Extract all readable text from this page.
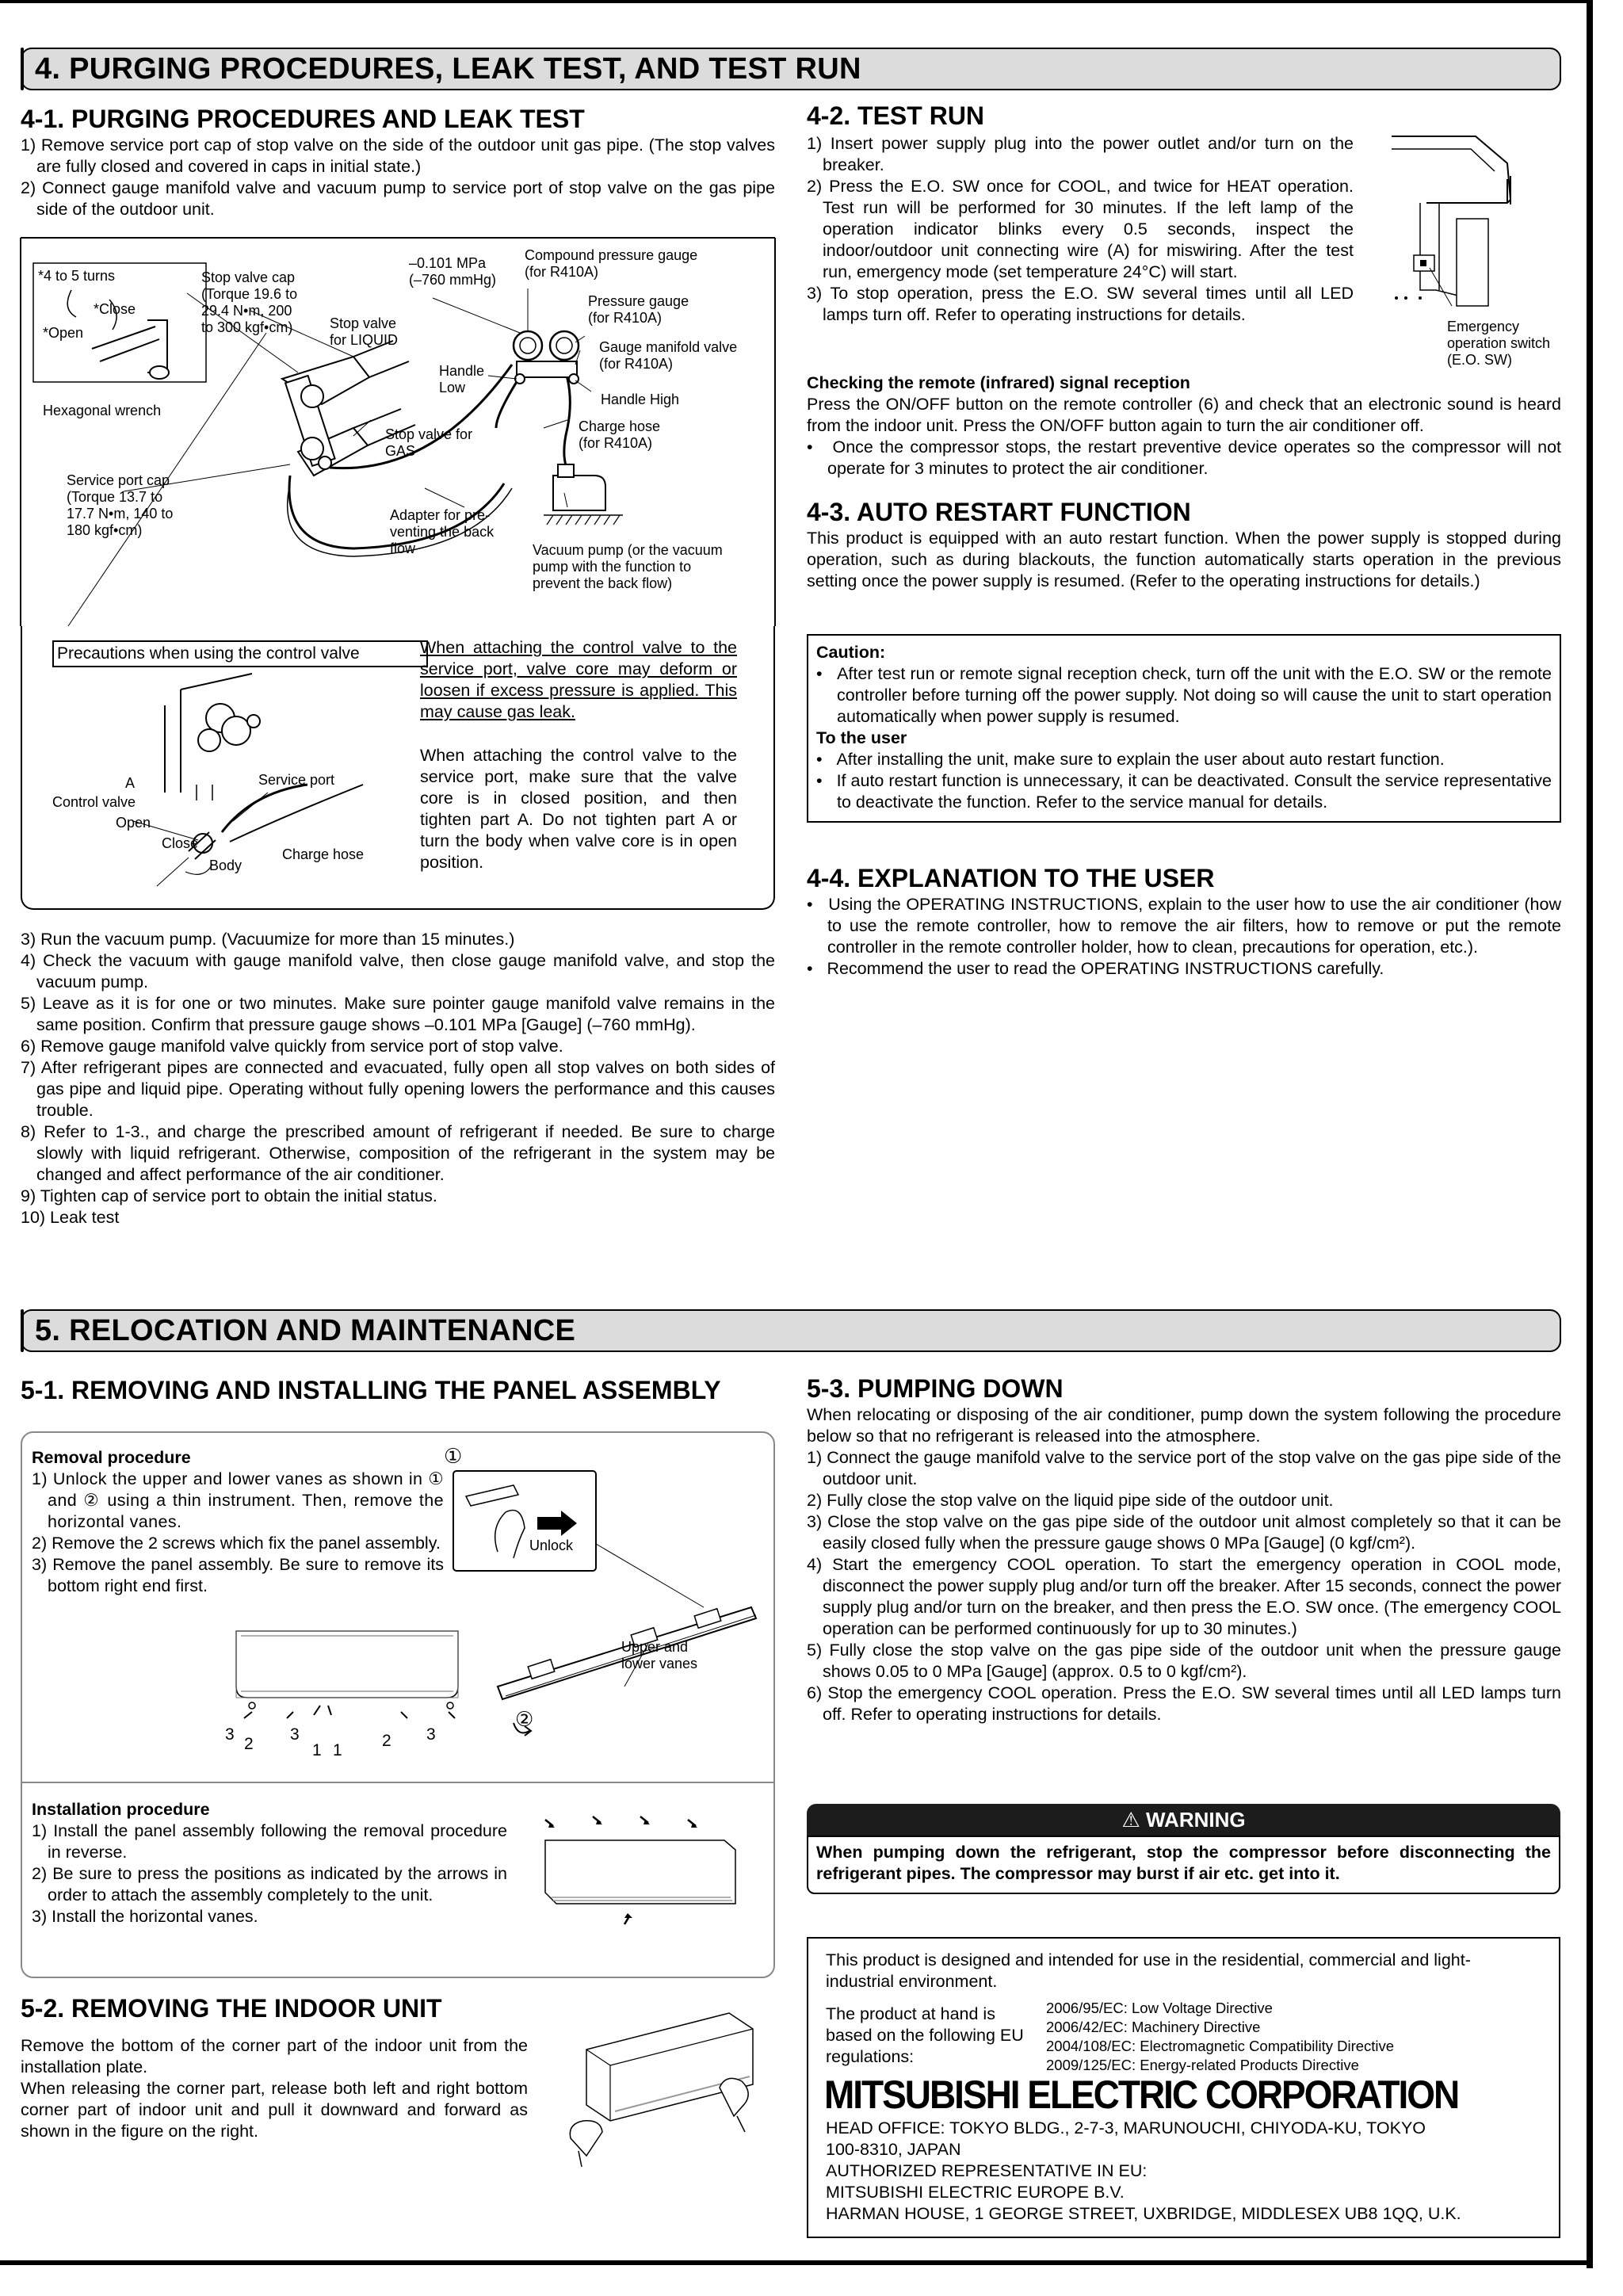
4. PURGING PROCEDURES, LEAK TEST, AND TEST RUN
4-1. PURGING PROCEDURES AND LEAK TEST

1) Remove service port cap of stop valve on the side of the outdoor unit gas pipe. (The stop valves are fully closed and covered in caps in initial state.)

2) Connect gauge manifold valve and vacuum pump to service port of stop valve on the gas pipe side of the outdoor unit.

*4 to 5 turns
*Close
*Open
Hexagonal wrench
Stop valve cap
(Torque 19.6 to
29.4 N•m, 200
to 300 kgf•cm)	Stop valve
for LIQUID
–0.101 MPa
(–760 mmHg)
Compound pressure gauge
(for R410A)
Pressure gauge
(for R410A)
Gauge manifold valve
(for R410A)
Handle
Low
Handle High
Stop valve for
GAS
Charge hose
(for R410A)
Service port cap
(Torque 13.7 to
17.7 N•m, 140 to
180 kgf•cm)
Adapter for pre-
venting the back
flow	Vacuum pump (or the vacuum
pump with the function to
prevent the back flow)
Precautions when using the control valve	When attaching the control valve to the service port, valve core may deform or loosen if excess pressure is applied. This may cause gas leak.
When attaching the control valve to the service port, make sure that the valve core is in closed position, and then tighten part A. Do not tighten part A or turn the body when valve core is in open position.
A
Control valve
Open
Close
Body
Service port
Charge hose

3) Run the vacuum pump. (Vacuumize for more than 15 minutes.)

4) Check the vacuum with gauge manifold valve, then close gauge manifold valve, and stop the vacuum pump.

5) Leave as it is for one or two minutes. Make sure pointer gauge manifold valve remains in the same position. Confirm that pressure gauge shows –0.101 MPa [Gauge] (–760 mmHg).

6) Remove gauge manifold valve quickly from service port of stop valve.

7) After refrigerant pipes are connected and evacuated, fully open all stop valves on both sides of gas pipe and liquid pipe. Operating without fully opening lowers the performance and this causes trouble.

8) Refer to 1-3., and charge the prescribed amount of refrigerant if needed. Be sure to charge slowly with liquid refrigerant. Otherwise, composition of the refrigerant in the system may be changed and affect performance of the air conditioner.

9) Tighten cap of service port to obtain the initial status.

10) Leak test

4-2. TEST RUN

1) Insert power supply plug into the power outlet and/or turn on the breaker.

2) Press the E.O. SW once for COOL, and twice for HEAT operation. Test run will be performed for 30 minutes. If the left lamp of the operation indicator blinks every 0.5 seconds, inspect the indoor/outdoor unit connecting wire (A) for miswiring. After the test run, emergency mode (set temperature 24°C) will start.

3) To stop operation, press the E.O. SW several times until all LED lamps turn off. Refer to operating instructions for details.

Emergency
operation switch
(E.O. SW)

Checking the remote (infrared) signal reception

Press the ON/OFF button on the remote controller (6) and check that an electronic sound is heard from the indoor unit. Press the ON/OFF button again to turn the air conditioner off.

•   Once the compressor stops, the restart preventive device operates so the compressor will not operate for 3 minutes to protect the air conditioner.

4-3. AUTO RESTART FUNCTION
This product is equipped with an auto restart function. When the power supply is stopped during operation, such as during blackouts, the function automatically starts operation in the previous setting once the power supply is resumed. (Refer to the operating instructions for details.)

Caution:

•   After test run or remote signal reception check, turn off the unit with the E.O. SW or the remote controller before turning off the power supply. Not doing so will cause the unit to start operation automatically when power supply is resumed.

To the user

•   After installing the unit, make sure to explain the user about auto restart function.

•   If auto restart function is unnecessary, it can be deactivated. Consult the service representative to deactivate the function. Refer to the service manual for details.

4-4. EXPLANATION TO THE USER

•   Using the OPERATING INSTRUCTIONS, explain to the user how to use the air conditioner (how to use the remote controller, how to remove the air filters, how to remove or put the remote controller in the remote controller holder, how to clean, precautions for operation, etc.).

•   Recommend the user to read the OPERATING INSTRUCTIONS carefully.

5. RELOCATION AND MAINTENANCE
5-1. REMOVING AND INSTALLING THE PANEL ASSEMBLY

Removal procedure

1) Unlock the upper and lower vanes as shown in ① and ② using a thin instrument. Then, remove the horizontal vanes.

2) Remove the 2 screws which fix the panel assembly.

3) Remove the panel assembly. Be sure to remove its bottom right end first.

①
Unlock
Upper and
lower vanes
②
3
2
3
1 1
2 3

Installation procedure

1) Install the panel assembly following the removal procedure in reverse.

2) Be sure to press the positions as indicated by the arrows in order to attach the assembly completely to the unit.

3) Install the horizontal vanes.

5-2. REMOVING THE INDOOR UNIT

Remove the bottom of the corner part of the indoor unit from the installation plate.

When releasing the corner part, release both left and right bottom corner part of indoor unit and pull it downward and forward as shown in the figure on the right.

5-3. PUMPING DOWN

When relocating or disposing of the air conditioner, pump down the system following the procedure below so that no refrigerant is released into the atmosphere.

1) Connect the gauge manifold valve to the service port of the stop valve on the gas pipe side of the outdoor unit.

2) Fully close the stop valve on the liquid pipe side of the outdoor unit.

3) Close the stop valve on the gas pipe side of the outdoor unit almost completely so that it can be easily closed fully when the pressure gauge shows 0 MPa [Gauge] (0 kgf/cm²).

4) Start the emergency COOL operation. To start the emergency operation in COOL mode, disconnect the power supply plug and/or turn off the breaker. After 15 seconds, connect the power supply plug and/or turn on the breaker, and then press the E.O. SW once. (The emergency COOL operation can be performed continuously for up to 30 minutes.)

5) Fully close the stop valve on the gas pipe side of the outdoor unit when the pressure gauge shows 0.05 to 0 MPa [Gauge] (approx. 0.5 to 0 kgf/cm²).

6) Stop the emergency COOL operation. Press the E.O. SW several times until all LED lamps turn off. Refer to operating instructions for details.

⚠ WARNING
When pumping down the refrigerant, stop the compressor before disconnecting the refrigerant pipes. The compressor may burst if air etc. get into it.
This product is designed and intended for use in the residential, commercial and light-industrial environment.
The product at hand is based on the following EU regulations:

2006/95/EC: Low Voltage Directive

2006/42/EC: Machinery Directive

2004/108/EC: Electromagnetic Compatibility Directive

2009/125/EC: Energy-related Products Directive

HEAD OFFICE: TOKYO BLDG., 2-7-3, MARUNOUCHI, CHIYODA-KU, TOKYO

100-8310, JAPAN

AUTHORIZED REPRESENTATIVE IN EU:

MITSUBISHI ELECTRIC EUROPE B.V.

HARMAN HOUSE, 1 GEORGE STREET, UXBRIDGE, MIDDLESEX UB8 1QQ, U.K.

MITSUBISHI ELECTRIC CORPORATION
